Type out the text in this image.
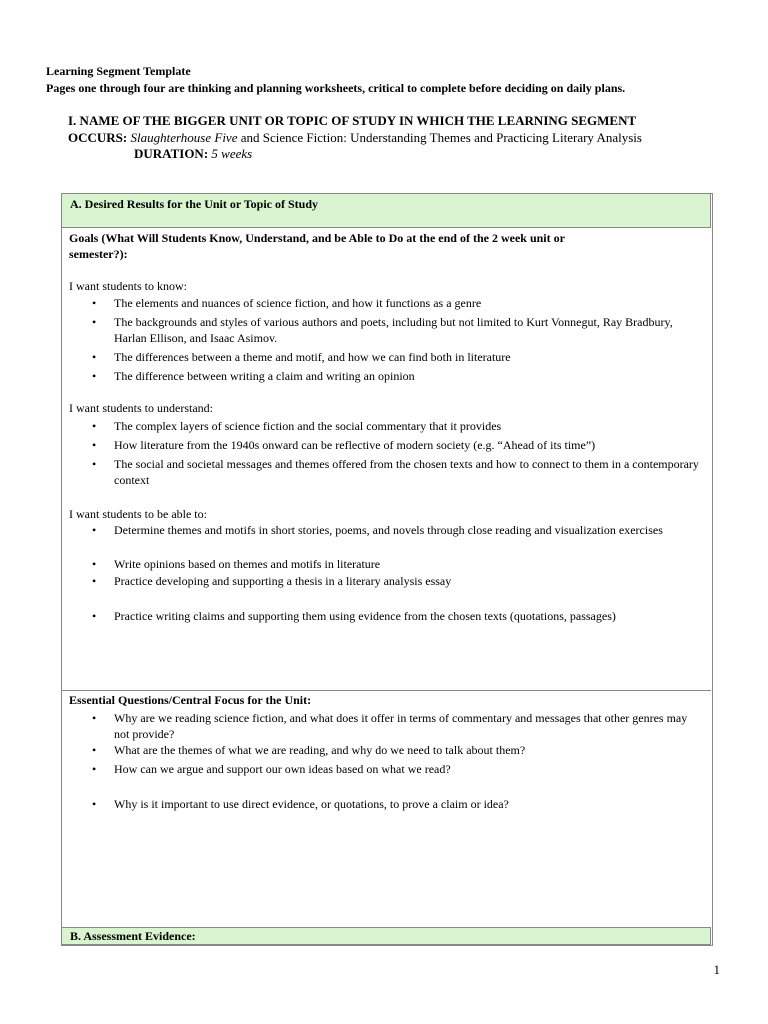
Learning Segment Template
Pages one through four are thinking and planning worksheets, critical to complete before deciding on daily plans.
I. NAME OF THE BIGGER UNIT OR TOPIC OF STUDY IN WHICH THE LEARNING SEGMENT
OCCURS: Slaughterhouse Five and Science Fiction: Understanding Themes and Practicing Literary Analysis
DURATION: 5 weeks
A. Desired Results for the Unit or Topic of Study
Goals (What Will Students Know, Understand, and be Able to Do at the end of the 2 week unit or
semester?):
I want students to know:
• The elements and nuances of science fiction, and how it functions as a genre
• The backgrounds and styles of various authors and poets, including but not limited to Kurt Vonnegut, Ray Bradbury, Harlan Ellison, and Isaac Asimov.
• The differences between a theme and motif, and how we can find both in literature
• The difference between writing a claim and writing an opinion
I want students to understand:
• The complex layers of science fiction and the social commentary that it provides
• How literature from the 1940s onward can be reflective of modern society (e.g. “Ahead of its time”)
• The social and societal messages and themes offered from the chosen texts and how to connect to them in a contemporary context
I want students to be able to:
• Determine themes and motifs in short stories, poems, and novels through close reading and visualization exercises
• Write opinions based on themes and motifs in literature
• Practice developing and supporting a thesis in a literary analysis essay
• Practice writing claims and supporting them using evidence from the chosen texts (quotations, passages)
Essential Questions/Central Focus for the Unit:
• Why are we reading science fiction, and what does it offer in terms of commentary and messages that other genres may not provide?
• What are the themes of what we are reading, and why do we need to talk about them?
• How can we argue and support our own ideas based on what we read?
• Why is it important to use direct evidence, or quotations, to prove a claim or idea?
B. Assessment Evidence:
1
